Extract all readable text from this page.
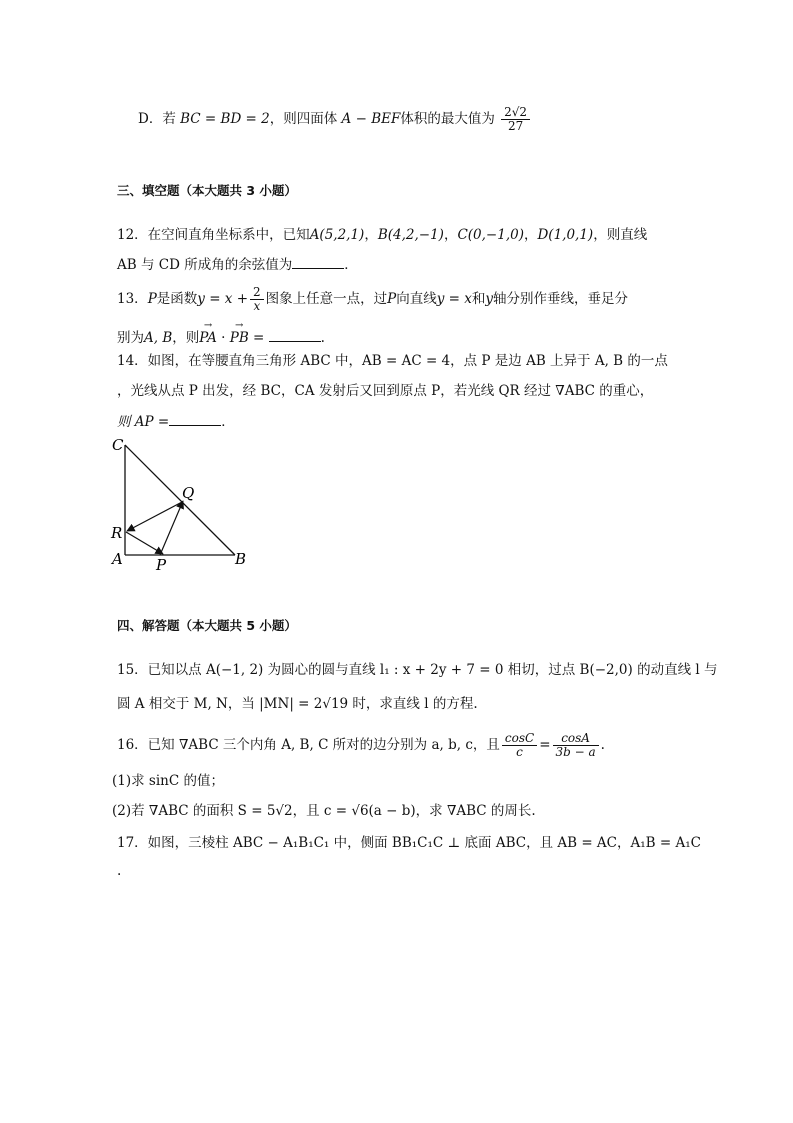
D．若 BC = BD = 2，则四面体 A − BEF体积的最大值为 $\frac{2√2}{27}$
三、填空题（本大题共 3 小题）
12．在空间直角坐标系中，已知A(5,2,1)，B(4,2,−1)，C(0,−1,0)，D(1,0,1)，则直线
AB 与 CD 所成角的余弦值为	．
13．P是函数$y = x + \frac{2}{x}$ 图象上任意一点，过P向直线y = x和y轴分别作垂线，垂足分
别为A, B，则→ PA · → PB =	.
14．如图，在等腰直角三角形 ABC 中，AB = AC = 4，点 P 是边 AB 上异于 A, B 的一点
，光线从点 P 出发，经 BC，CA 发射后又回到原点 P，若光线 QR 经过 ∇ABC 的重心，
则 AP =	．
C
Q
R
A P	B
四、解答题（本大题共 5 小题）
15．已知以点 A(−1, 2) 为圆心的圆与直线 l₁ : x + 2y + 7 = 0 相切，过点 B(−2,0) 的动直线 l 与
圆 A 相交于 M, N，当 |MN| = 2√19 时，求直线 l 的方程.
16．已知 ∇ABC 三个内角 A, B, C 所对的边分别为 a, b, c，且 $\frac{\cos C}{c} = \frac{\cos A}{3b - a}$ .
(1)求 sinC 的值；
(2)若 ∇ABC 的面积 S = 5√2，且 c = √6(a − b)，求 ∇ABC 的周长.
17．如图，三棱柱 ABC − A₁B₁C₁ 中，侧面 BB₁C₁C ⊥ 底面 ABC，且 AB = AC，A₁B = A₁C
.
